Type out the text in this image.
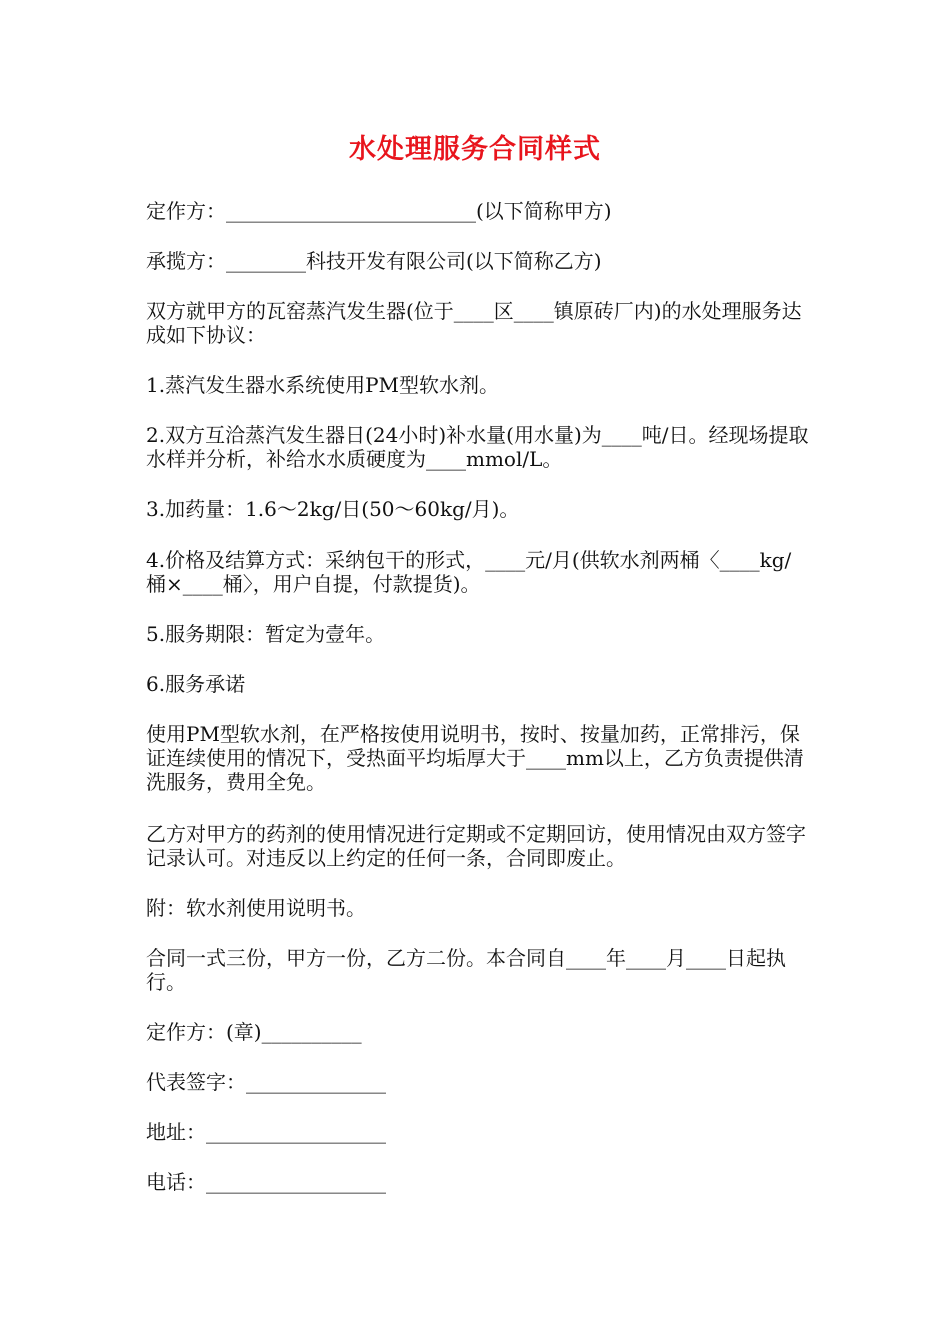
水处理服务合同样式

定作方：_________________________(以下简称甲方)

承揽方：________科技开发有限公司(以下简称乙方)

双方就甲方的瓦窑蒸汽发生器(位于____区____镇原砖厂内)的水处理服务达成如下协议：

1.蒸汽发生器水系统使用PM型软水剂。

2.双方互洽蒸汽发生器日(24小时)补水量(用水量)为____吨/日。经现场提取水样并分析，补给水水质硬度为____mmol/L。

3.加药量：1.6～2kg/日(50～60kg/月)。

4.价格及结算方式：采纳包干的形式，____元/月(供软水剂两桶〈____kg/桶×____桶〉，用户自提，付款提货)。

5.服务期限：暂定为壹年。

6.服务承诺

使用PM型软水剂，在严格按使用说明书，按时、按量加药，正常排污，保证连续使用的情况下，受热面平均垢厚大于____mm以上，乙方负责提供清洗服务，费用全免。

乙方对甲方的药剂的使用情况进行定期或不定期回访，使用情况由双方签字记录认可。对违反以上约定的任何一条，合同即废止。

附：软水剂使用说明书。

合同一式三份，甲方一份，乙方二份。本合同自____年____月____日起执行。

定作方：(章)__________

代表签字：______________

地址：__________________

电话：__________________
